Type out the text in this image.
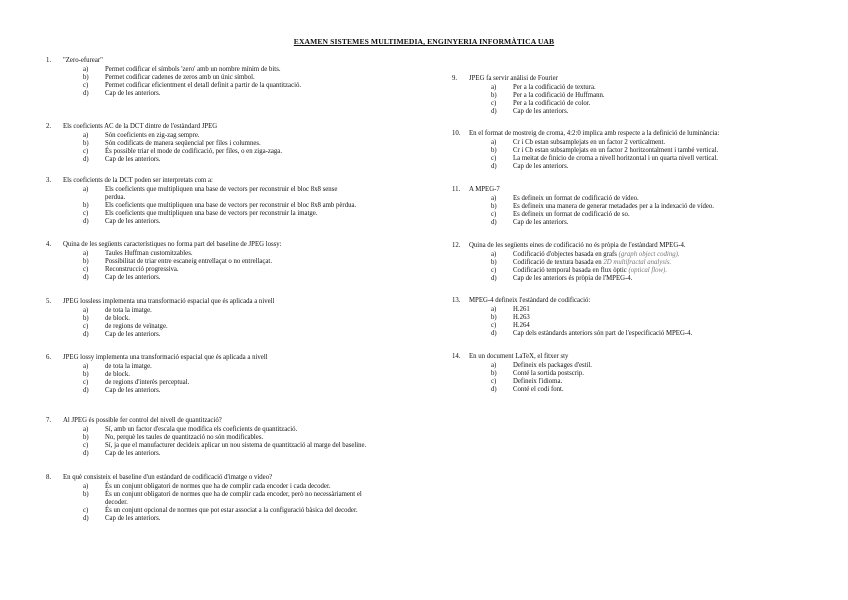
EXAMEN SISTEMES MULTIMEDIA, ENGINYERIA INFORMÀTICA UAB
1. "Zero-efurear"
a) Permet codificar el símbols 'zero' amb un nombre mínim de bits.
b) Permet codificar cadenes de zeros amb un únic símbol.
c) Permet codificar eficientment el detall definit a partir de la quantització.
d) Cap de les anteriors.
2. Els coeficients AC de la DCT dintre de l'estàndard JPEG
a) Són coeficients en zig-zag sempre.
b) Són codificats de manera seqüencial per files i columnes.
c) És possible triar el mode de codificació, per files, o en ziga-zaga.
d) Cap de les anteriors.
3. Els coeficients de la DCT poden ser interpretats com a:
a) Els coeficients que multipliquen una base de vectors per reconstruir el bloc 8x8 sense
perdua.
b) Els coeficients que multipliquen una base de vectors per reconstruir el bloc 8x8 amb pèrdua.
c) Els coeficients que multipliquen una base de vectors per reconstruir la imatge.
d) Cap de les anteriors.
4. Quina de les següents característiques no forma part del baseline de JPEG lossy:
a) Taules Huffman customitzables.
b) Possibilitat de triar entre escaneig entrellaçat o no entrellaçat.
c) Reconstrucció progressiva.
d) Cap de les anteriors.
5. JPEG lossless implementa una transformació espacial que és aplicada a nivell
a) de tota la imatge.
b) de block.
c) de regions de veïnatge.
d) Cap de les anteriors.
6. JPEG lossy implementa una transformació espacial que és aplicada a nivell
a) de tota la imatge.
b) de block.
c) de regions d'interès perceptual.
d) Cap de les anteriors.
7. Al JPEG és possible fer control del nivell de quantització?
a) Sí, amb un factor d'escala que modifica els coeficients de quantització.
b) No, perquè les taules de quantització no són modificables.
c) Sí, ja que el manufacturer decideix aplicar un nou sistema de quantització al marge del baseline.
d) Cap de les anteriors.
8. En què consisteix el baseline d'un estàndard de codificació d'imatge o vídeo?
a) És un conjunt obligatori de normes que ha de complir cada encoder i cada decoder.
b) És un conjunt obligatori de normes que ha de complir cada encoder, però no necessàriament el
decoder.
c) És un conjunt opcional de normes que pot estar associat a la configuració bàsica del decoder.
d) Cap de les anteriors.
9. JPEG fa servir anàlisi de Fourier
a) Per a la codificació de textura.
b) Per a la codificació de Huffmann.
c) Per a la codificació de color.
d) Cap de les anteriors.
10. En el format de mostreig de croma, 4:2:0 implica amb respecte a la definició de luminància:
a) Cr i Cb estan subsamplejats en un factor 2 verticalment.
b) Cr i Cb estan subsamplejats en un factor 2 horitzontalment i també vertical.
c) La meitat de finicio de croma a nivell horitzontal i un quarta nivell vertical.
d) Cap de les anteriors.
11. A MPEG-7
a) Es defineix un format de codificació de vídeo.
b) Es defineix una manera de generar metadades per a la indexació de vídeo.
c) Es defineix un format de codificació de so.
d) Cap de les anteriors.
12. Quina de les següents eines de codificació no és pròpia de l'estàndard MPEG-4.
a) Codificació d'objectes basada en grafs (graph object coding).
b) Codificació de textura basada en 2D multifractal analysis.
c) Codificació temporal basada en flux òptic (optical flow).
d) Cap de les anteriors és pròpia de l'MPEG-4.
13. MPEG-4 defineix l'estàndard de codificació:
a) H.261
b) H.263
c) H.264
d) Cap dels estàndards anteriors són part de l'especificació MPEG-4.
14. En un document LaTeX, el fitxer sty
a) Defineix els packages d'estil.
b) Conté la sortida postscrip.
c) Defineix l'idioma.
d) Conté el codi font.
